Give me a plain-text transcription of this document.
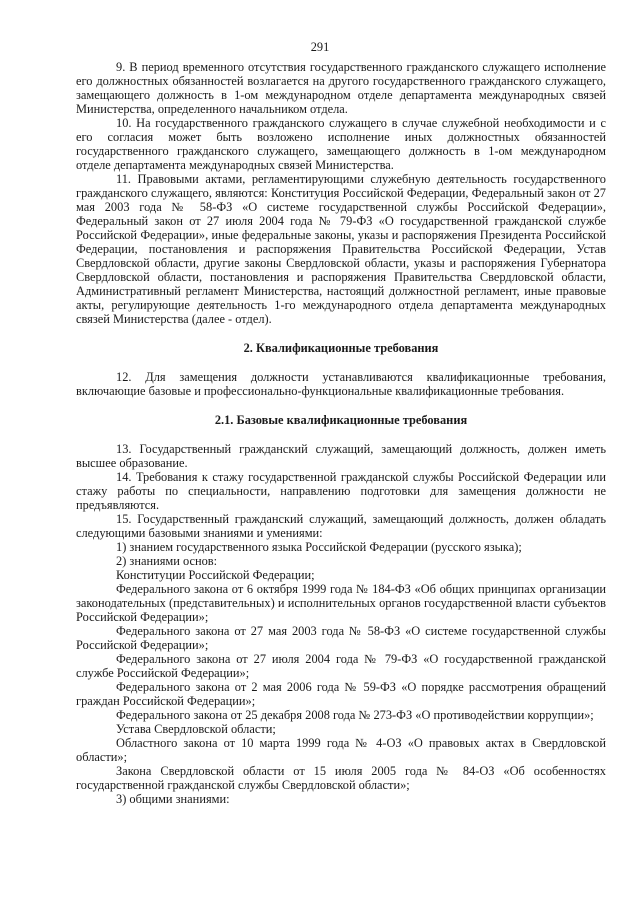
291

9. В период временного отсутствия государственного гражданского служащего исполнение его должностных обязанностей возлагается на другого государственного гражданского служащего, замещающего должность в 1-ом международном отделе департамента международных связей Министерства, определенного начальником отдела.

10. На государственного гражданского служащего в случае служебной необходимости и с его согласия может быть возложено исполнение иных должностных обязанностей государственного гражданского служащего, замещающего должность в 1-ом международном отделе департамента международных связей Министерства.

11. Правовыми актами, регламентирующими служебную деятельность государственного гражданского служащего, являются: Конституция Российской Федерации, Федеральный закон от 27 мая 2003 года № 58-ФЗ «О системе государственной службы Российской Федерации», Федеральный закон от 27 июля 2004 года № 79-ФЗ «О государственной гражданской службе Российской Федерации», иные федеральные законы, указы и распоряжения Президента Российской Федерации, постановления и распоряжения Правительства Российской Федерации, Устав Свердловской области, другие законы Свердловской области, указы и распоряжения Губернатора Свердловской области, постановления и распоряжения Правительства Свердловской области, Административный регламент Министерства, настоящий должностной регламент, иные правовые акты, регулирующие деятельность 1-го международного отдела департамента международных связей Министерства (далее - отдел).

2. Квалификационные требования

12. Для замещения должности устанавливаются квалификационные требования, включающие базовые и профессионально-функциональные квалификационные требования.

2.1. Базовые квалификационные требования

13. Государственный гражданский служащий, замещающий должность, должен иметь высшее образование.

14. Требования к стажу государственной гражданской службы Российской Федерации или стажу работы по специальности, направлению подготовки для замещения должности не предъявляются.

15. Государственный гражданский служащий, замещающий должность, должен обладать следующими базовыми знаниями и умениями:

1) знанием государственного языка Российской Федерации (русского языка);

2) знаниями основ:

Конституции Российской Федерации;

Федерального закона от 6 октября 1999 года № 184-ФЗ «Об общих принципах организации законодательных (представительных) и исполнительных органов государственной власти субъектов Российской Федерации»;

Федерального закона от 27 мая 2003 года № 58-ФЗ «О системе государственной службы Российской Федерации»;

Федерального закона от 27 июля 2004 года № 79-ФЗ «О государственной гражданской службе Российской Федерации»;

Федерального закона от 2 мая 2006 года № 59-ФЗ «О порядке рассмотрения обращений граждан Российской Федерации»;

Федерального закона от 25 декабря 2008 года № 273-ФЗ «О противодействии коррупции»;

Устава Свердловской области;

Областного закона от 10 марта 1999 года № 4-ОЗ «О правовых актах в Свердловской области»;

Закона Свердловской области от 15 июля 2005 года № 84-ОЗ «Об особенностях государственной гражданской службы Свердловской области»;

3) общими знаниями:
